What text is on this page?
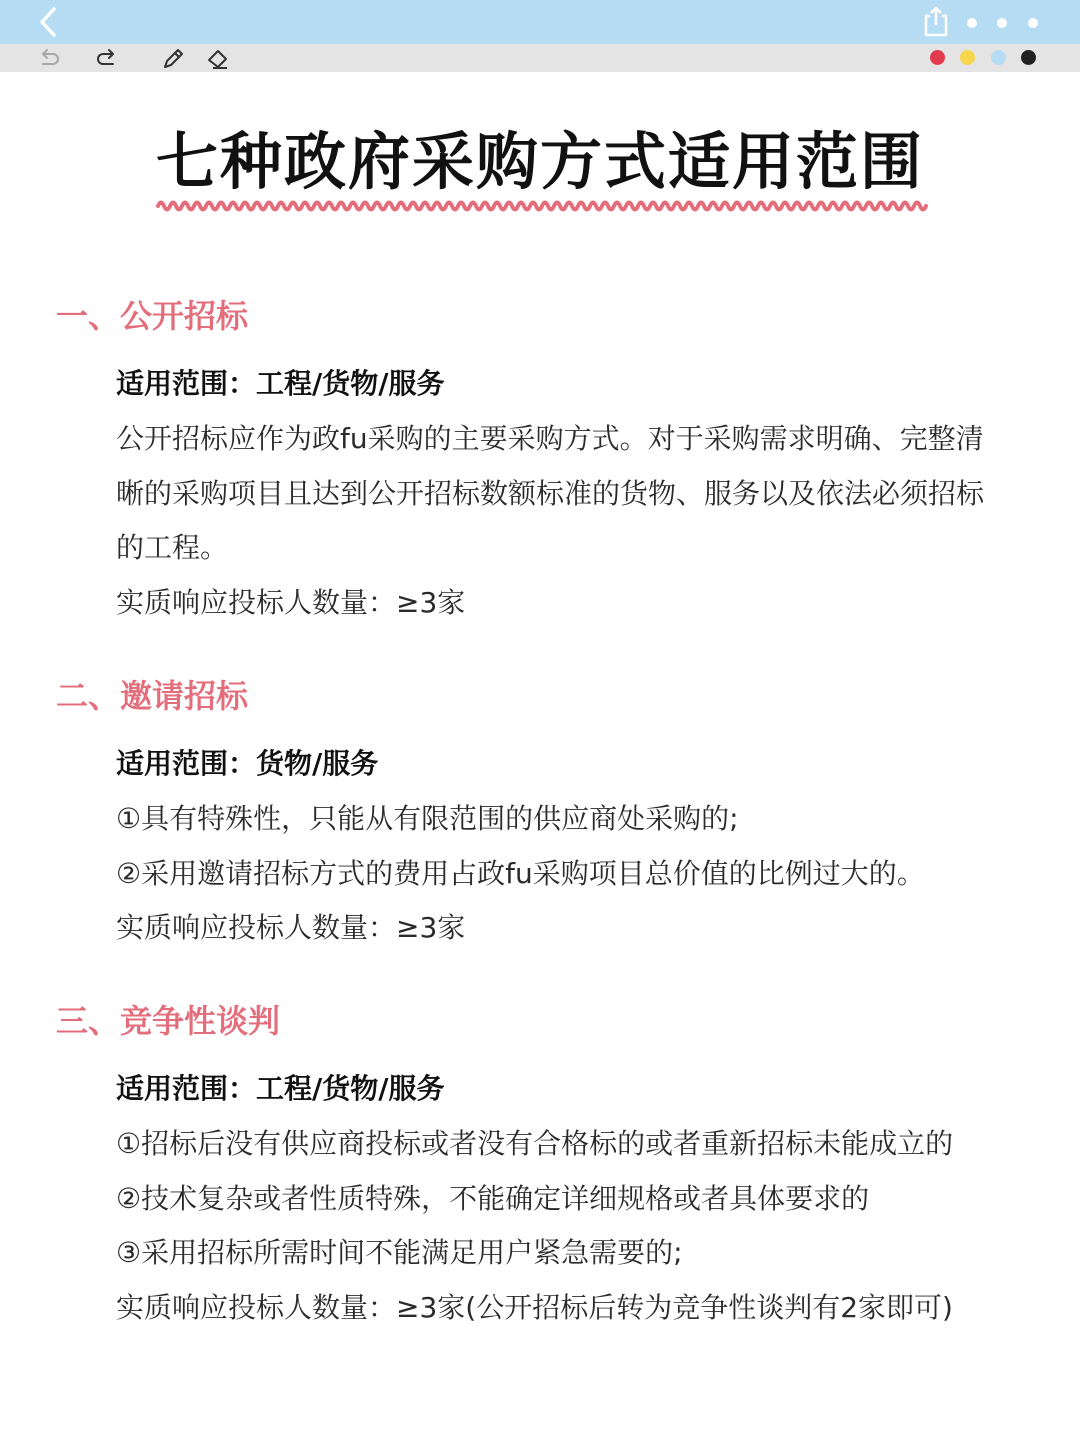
七种政府采购方式适用范围
一、公开招标
适用范围：工程/货物/服务
公开招标应作为政fu采购的主要采购方式。对于采购需求明确、完整清
晰的采购项目且达到公开招标数额标准的货物、服务以及依法必须招标
的工程。
实质响应投标人数量：≥3家
二、邀请招标
适用范围：货物/服务
①具有特殊性，只能从有限范围的供应商处采购的;
②采用邀请招标方式的费用占政fu采购项目总价值的比例过大的。
实质响应投标人数量：≥3家
三、竞争性谈判
适用范围：工程/货物/服务
①招标后没有供应商投标或者没有合格标的或者重新招标未能成立的
②技术复杂或者性质特殊，不能确定详细规格或者具体要求的
③采用招标所需时间不能满足用户紧急需要的;
实质响应投标人数量：≥3家(公开招标后转为竞争性谈判有2家即可)
